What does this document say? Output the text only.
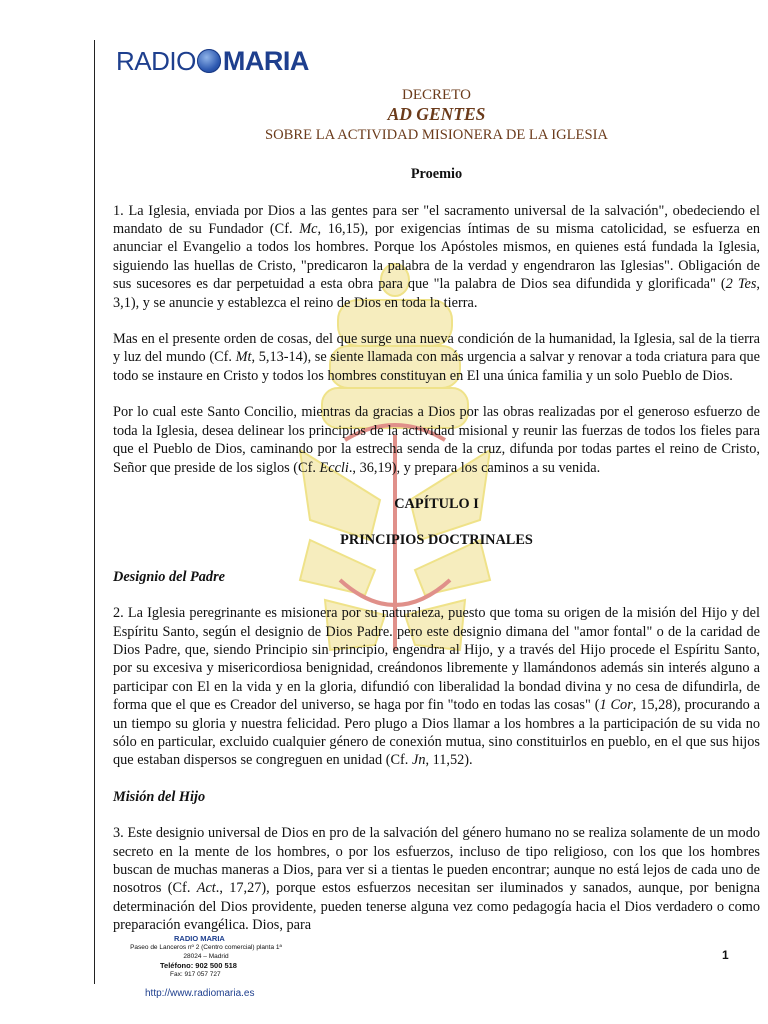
RADIO MARIA
DECRETO
AD GENTES
SOBRE LA ACTIVIDAD MISIONERA DE LA IGLESIA
Proemio

1. La Iglesia, enviada por Dios a las gentes para ser "el sacramento universal de la salvación", obedeciendo el mandato de su Fundador (Cf. Mc, 16,15), por exigencias íntimas de su misma catolicidad, se esfuerza en anunciar el Evangelio a todos los hombres. Porque los Apóstoles mismos, en quienes está fundada la Iglesia, siguiendo las huellas de Cristo, "predicaron la palabra de la verdad y engendraron las Iglesias". Obligación de sus sucesores es dar perpetuidad a esta obra para que "la palabra de Dios sea difundida y glorificada" (2 Tes, 3,1), y se anuncie y establezca el reino de Dios en toda la tierra.

Mas en el presente orden de cosas, del que surge una nueva condición de la humanidad, la Iglesia, sal de la tierra y luz del mundo (Cf. Mt, 5,13-14), se siente llamada con más urgencia a salvar y renovar a toda criatura para que todo se instaure en Cristo y todos los hombres constituyan en El una única familia y un solo Pueblo de Dios.

Por lo cual este Santo Concilio, mientras da gracias a Dios por las obras realizadas por el generoso esfuerzo de toda la Iglesia, desea delinear los principios de la actividad misional y reunir las fuerzas de todos los fieles para que el Pueblo de Dios, caminando por la estrecha senda de la cruz, difunda por todas partes el reino de Cristo, Señor que preside de los siglos (Cf. Eccli., 36,19), y prepara los caminos a su venida.

CAPÍTULO I
PRINCIPIOS DOCTRINALES
Designio del Padre

2. La Iglesia peregrinante es misionera por su naturaleza, puesto que toma su origen de la misión del Hijo y del Espíritu Santo, según el designio de Dios Padre. pero este designio dimana del "amor fontal" o de la caridad de Dios Padre, que, siendo Principio sin principio, engendra al Hijo, y a través del Hijo procede el Espíritu Santo, por su excesiva y misericordiosa benignidad, creándonos libremente y llamándonos además sin interés alguno a participar con El en la vida y en la gloria, difundió con liberalidad la bondad divina y no cesa de difundirla, de forma que el que es Creador del universo, se haga por fin "todo en todas las cosas" (1 Cor, 15,28), procurando a un tiempo su gloria y nuestra felicidad. Pero plugo a Dios llamar a los hombres a la participación de su vida no sólo en particular, excluido cualquier género de conexión mutua, sino constituirlos en pueblo, en el que sus hijos que estaban dispersos se congreguen en unidad (Cf. Jn, 11,52).

Misión del Hijo

3. Este designio universal de Dios en pro de la salvación del género humano no se realiza solamente de un modo secreto en la mente de los hombres, o por los esfuerzos, incluso de tipo religioso, con los que los hombres buscan de muchas maneras a Dios, para ver si a tientas le pueden encontrar; aunque no está lejos de cada uno de nosotros (Cf. Act., 17,27), porque estos esfuerzos necesitan ser iluminados y sanados, aunque, por benigna determinación del Dios providente, pueden tenerse alguna vez como pedagogía hacia el Dios verdadero o como preparación evangélica. Dios, para

RADIO MARIA
Paseo de Lanceros nº 2 (Centro comercial) planta 1ª
28024 – Madrid
Teléfono: 902 500 518
Fax: 917 057 727
http://www.radiomaria.es
1
